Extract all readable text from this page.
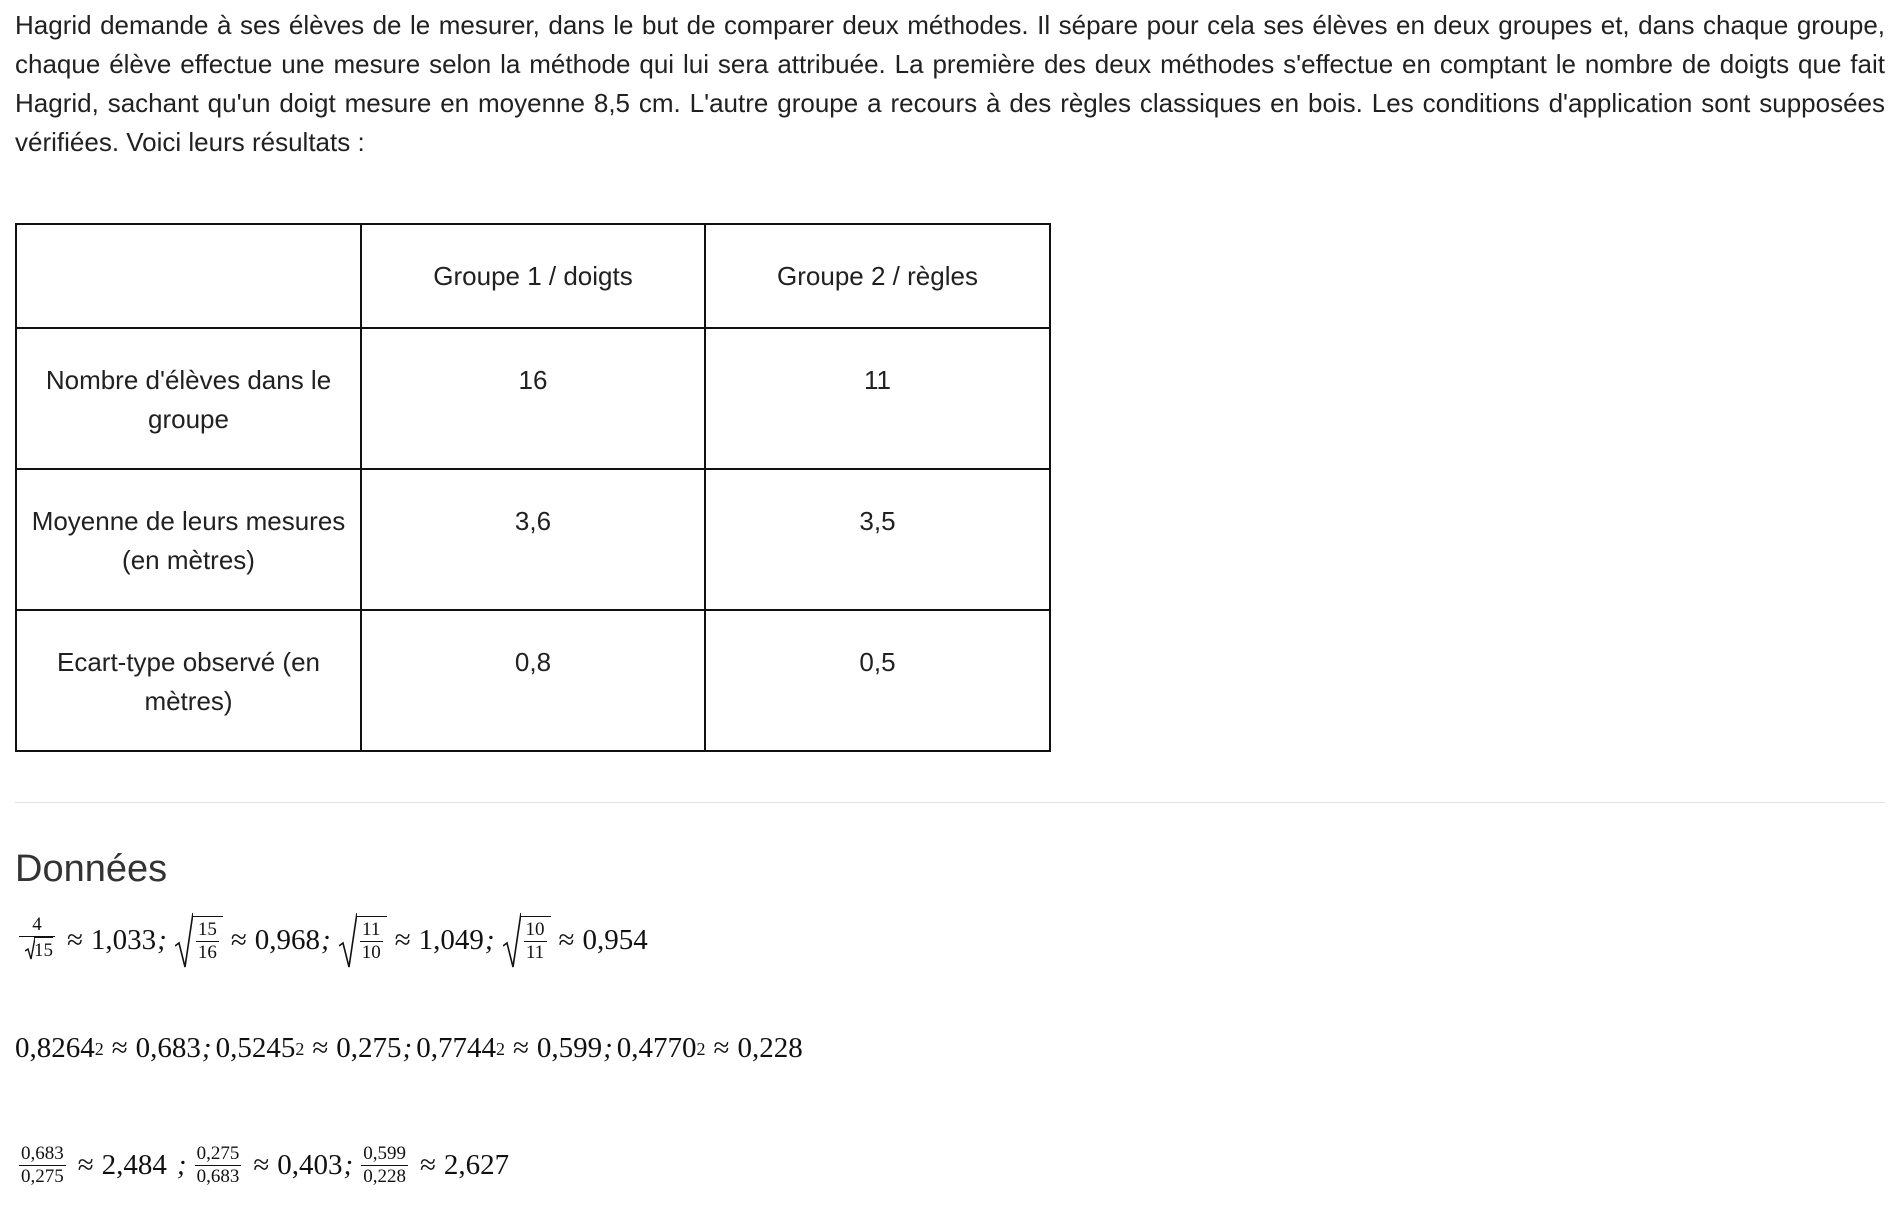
Hagrid demande à ses élèves de le mesurer, dans le but de comparer deux méthodes. Il sépare pour cela ses élèves en deux groupes et, dans chaque groupe, chaque élève effectue une mesure selon la méthode qui lui sera attribuée. La première des deux méthodes s'effectue en comptant le nombre de doigts que fait Hagrid, sachant qu'un doigt mesure en moyenne 8,5 cm. L'autre groupe a recours à des règles classiques en bois. Les conditions d'application sont supposées vérifiées. Voici leurs résultats :

	Groupe 1 / doigts	Groupe 2 / règles
Nombre d'élèves dans le groupe	16	11
Moyenne de leurs mesures (en mètres)	3,6	3,5
Ecart-type observé (en mètres)	0,8	0,5
Données
$\frac{4}{15} \approx 1,033$ ; $\frac{15}{16} \approx 0,968$ ; $\frac{11}{10} \approx 1,049$ ; $\frac{10}{11} \approx 0,954$
0,8264 2 ≈ 0,683 ; 0,5245 2 ≈ 0,275 ; 0,7744 2 ≈ 0,599 ; 0,4770 2 ≈ 0,228
$\frac{0,683}{0,275} \approx 2,484$ ; $\frac{0,275}{0,683} \approx 0,403$ ; $\frac{0,599}{0,228} \approx 2,627$
